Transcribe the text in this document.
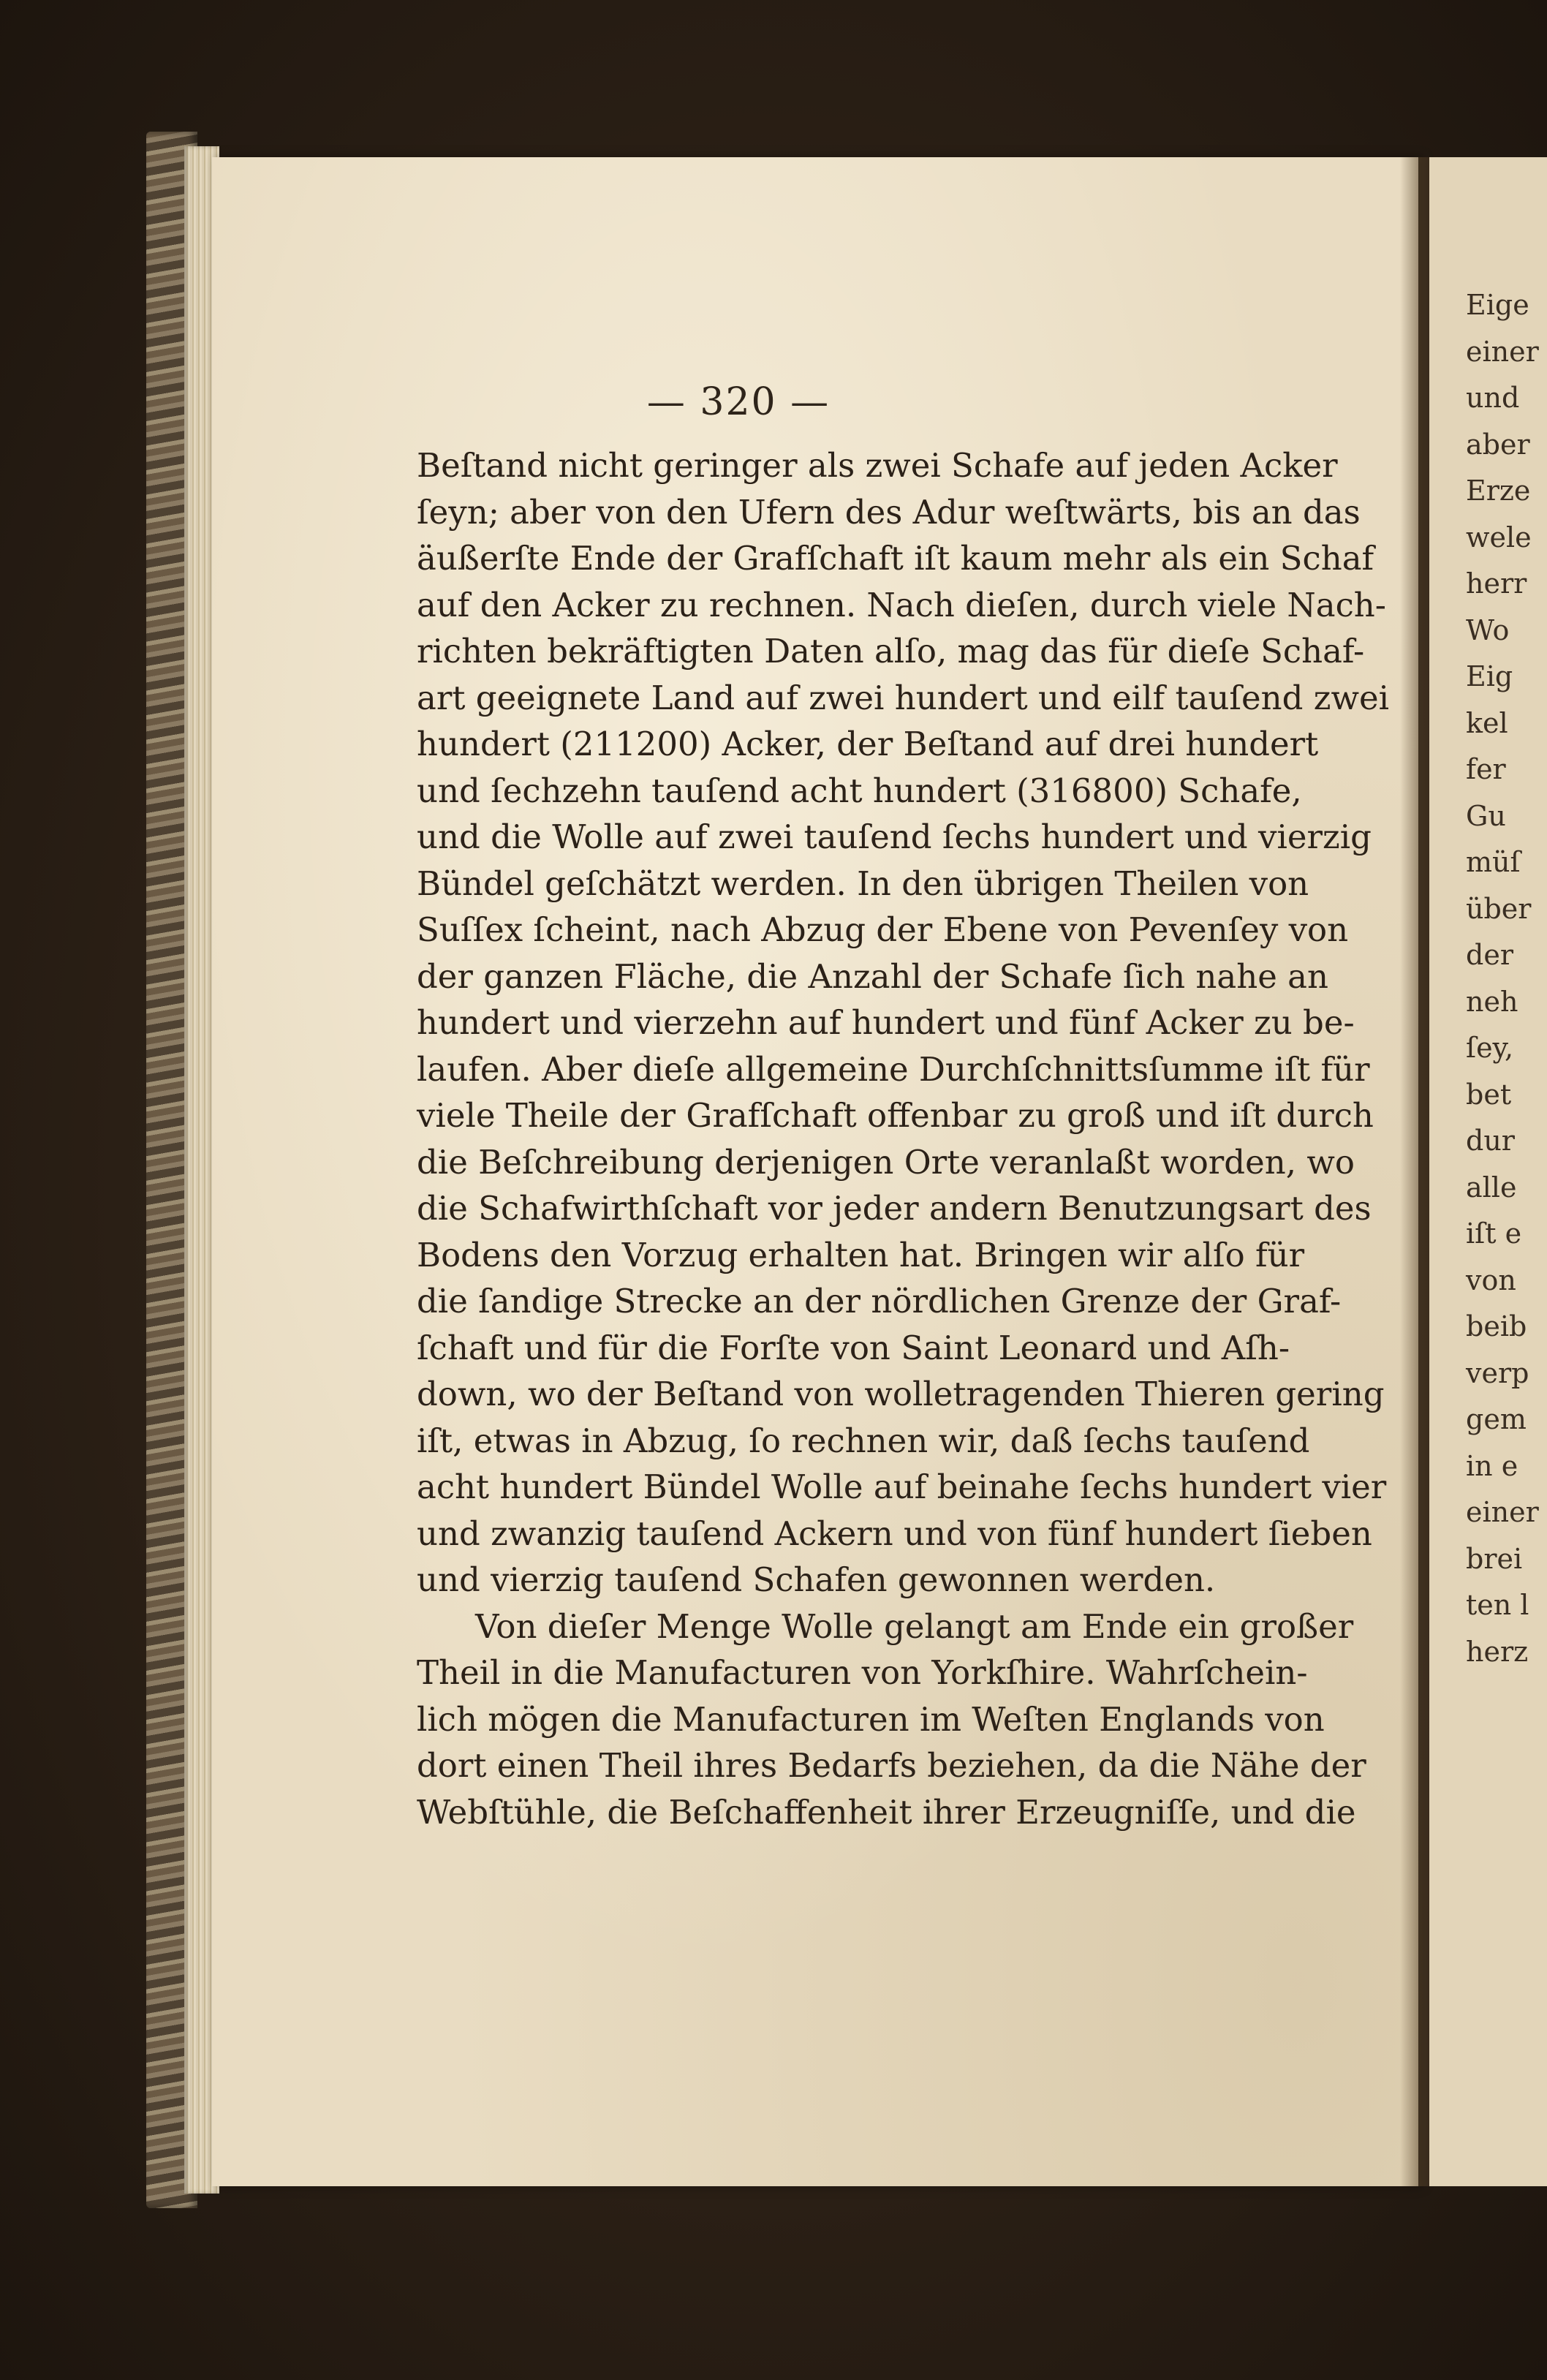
Eige
einer
und
aber
Erze
wele
herr
Wo
Eig
kel
fer
Gu
müſ
über
der
neh
ſey,
bet
dur
alle
iſt e
von
beib
verp
gem
in e
einer
brei
ten l
herz
— 320 —
Beſtand nicht geringer als zwei Schafe auf jeden Acker
ſeyn; aber von den Ufern des Adur weſtwärts, bis an das
äußerſte Ende der Grafſchaft iſt kaum mehr als ein Schaf
auf den Acker zu rechnen. Nach dieſen, durch viele Nach-
richten bekräftigten Daten alſo, mag das für dieſe Schaf-
art geeignete Land auf zwei hundert und eilf tauſend zwei
hundert (211200) Acker, der Beſtand auf drei hundert
und ſechzehn tauſend acht hundert (316800) Schafe,
und die Wolle auf zwei tauſend ſechs hundert und vierzig
Bündel geſchätzt werden. In den übrigen Theilen von
Suſſex ſcheint, nach Abzug der Ebene von Pevenſey von
der ganzen Fläche, die Anzahl der Schafe ſich nahe an
hundert und vierzehn auf hundert und fünf Acker zu be-
laufen. Aber dieſe allgemeine Durchſchnittsſumme iſt für
viele Theile der Grafſchaft offenbar zu groß und iſt durch
die Beſchreibung derjenigen Orte veranlaßt worden, wo
die Schafwirthſchaft vor jeder andern Benutzungsart des
Bodens den Vorzug erhalten hat. Bringen wir alſo für
die ſandige Strecke an der nördlichen Grenze der Graf-
ſchaft und für die Forſte von Saint Leonard und Aſh-
down, wo der Beſtand von wolletragenden Thieren gering
iſt, etwas in Abzug, ſo rechnen wir, daß ſechs tauſend
acht hundert Bündel Wolle auf beinahe ſechs hundert vier
und zwanzig tauſend Ackern und von fünf hundert ſieben
und vierzig tauſend Schafen gewonnen werden.
Von dieſer Menge Wolle gelangt am Ende ein großer
Theil in die Manufacturen von Yorkſhire. Wahrſchein-
lich mögen die Manufacturen im Weſten Englands von
dort einen Theil ihres Bedarfs beziehen, da die Nähe der
Webſtühle, die Beſchaffenheit ihrer Erzeugniſſe, und die
